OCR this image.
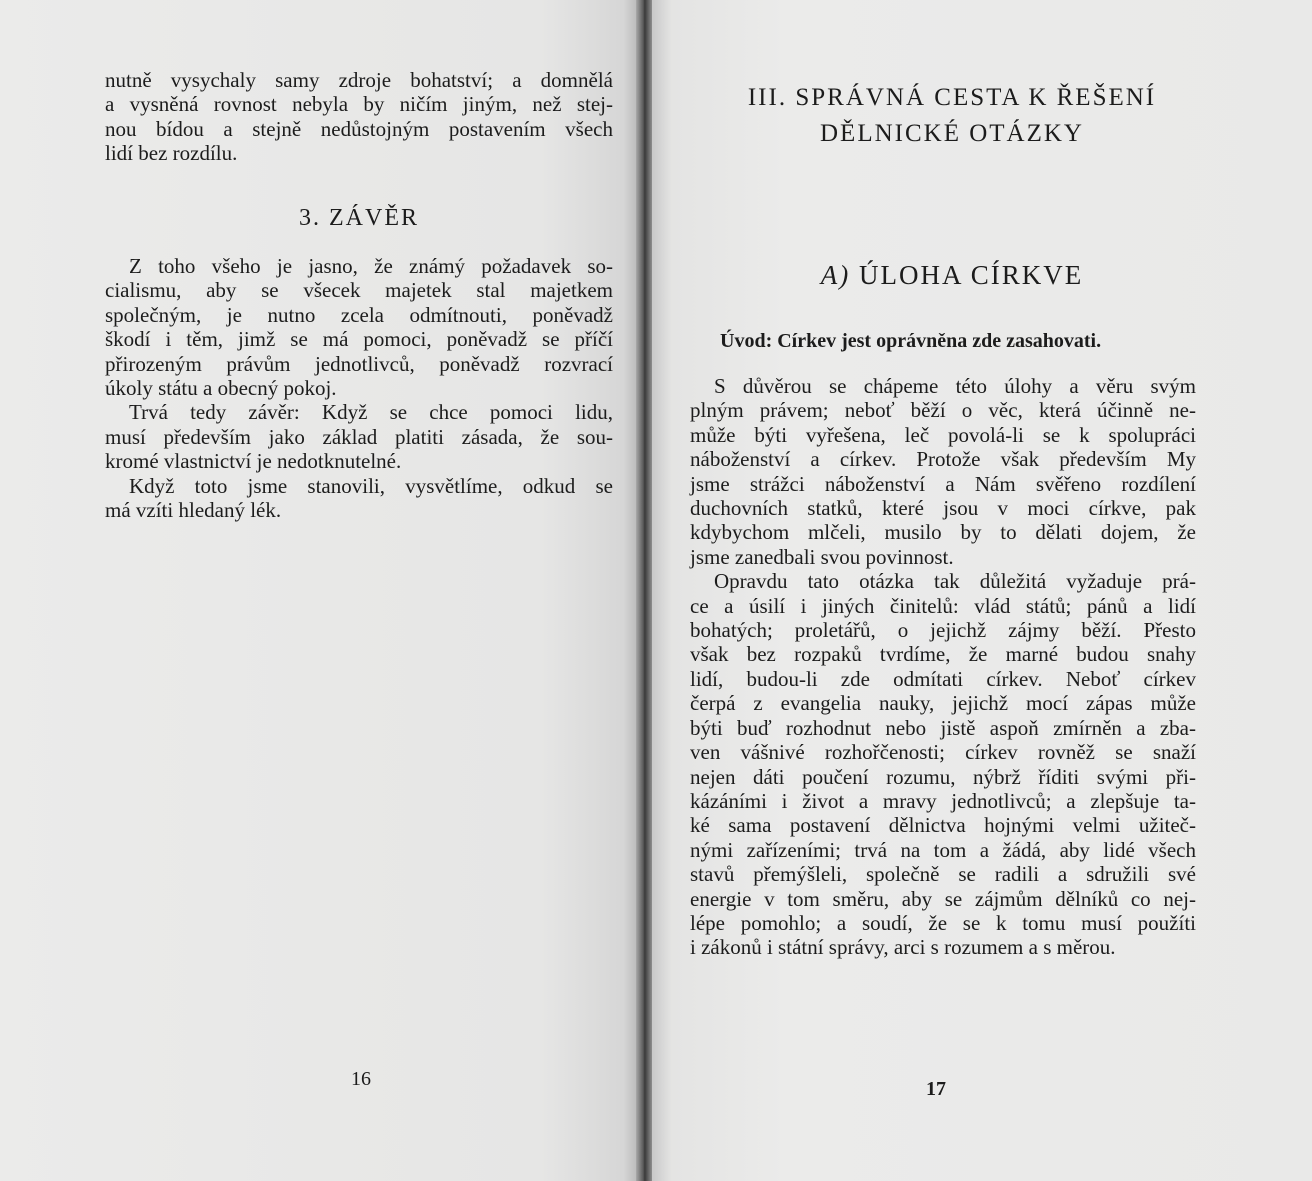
nutně vysychaly samy zdroje bohatství; a domnělá
a vysněná rovnost nebyla by ničím jiným, než stej-
nou bídou a stejně nedůstojným postavením všech
lidí bez rozdílu.
3. ZÁVĚR
Z toho všeho je jasno, že známý požadavek so-
cialismu, aby se všecek majetek stal majetkem
společným, je nutno zcela odmítnouti, poněvadž
škodí i těm, jimž se má pomoci, poněvadž se příčí
přirozeným právům jednotlivců, poněvadž rozvrací
úkoly státu a obecný pokoj.
Trvá tedy závěr: Když se chce pomoci lidu,
musí především jako základ platiti zásada, že sou-
kromé vlastnictví je nedotknutelné.
Když toto jsme stanovili, vysvětlíme, odkud se
má vzíti hledaný lék.
16
III. SPRÁVNÁ CESTA K ŘEŠENÍ
DĚLNICKÉ OTÁZKY
A) ÚLOHA CÍRKVE
Úvod: Církev jest oprávněna zde zasahovati.
S důvěrou se chápeme této úlohy a věru svým
plným právem; neboť běží o věc, která účinně ne-
může býti vyřešena, leč povolá-li se k spolupráci
náboženství a církev. Protože však především My
jsme strážci náboženství a Nám svěřeno rozdílení
duchovních statků, které jsou v moci církve, pak
kdybychom mlčeli, musilo by to dělati dojem, že
jsme zanedbali svou povinnost.
Opravdu tato otázka tak důležitá vyžaduje prá-
ce a úsilí i jiných činitelů: vlád států; pánů a lidí
bohatých; proletářů, o jejichž zájmy běží. Přesto
však bez rozpaků tvrdíme, že marné budou snahy
lidí, budou-li zde odmítati církev. Neboť církev
čerpá z evangelia nauky, jejichž mocí zápas může
býti buď rozhodnut nebo jistě aspoň zmírněn a zba-
ven vášnivé rozhořčenosti; církev rovněž se snaží
nejen dáti poučení rozumu, nýbrž říditi svými při-
kázáními i život a mravy jednotlivců; a zlepšuje ta-
ké sama postavení dělnictva hojnými velmi užiteč-
nými zařízeními; trvá na tom a žádá, aby lidé všech
stavů přemýšleli, společně se radili a sdružili své
energie v tom směru, aby se zájmům dělníků co nej-
lépe pomohlo; a soudí, že se k tomu musí použíti
i zákonů i státní správy, arci s rozumem a s měrou.
17
